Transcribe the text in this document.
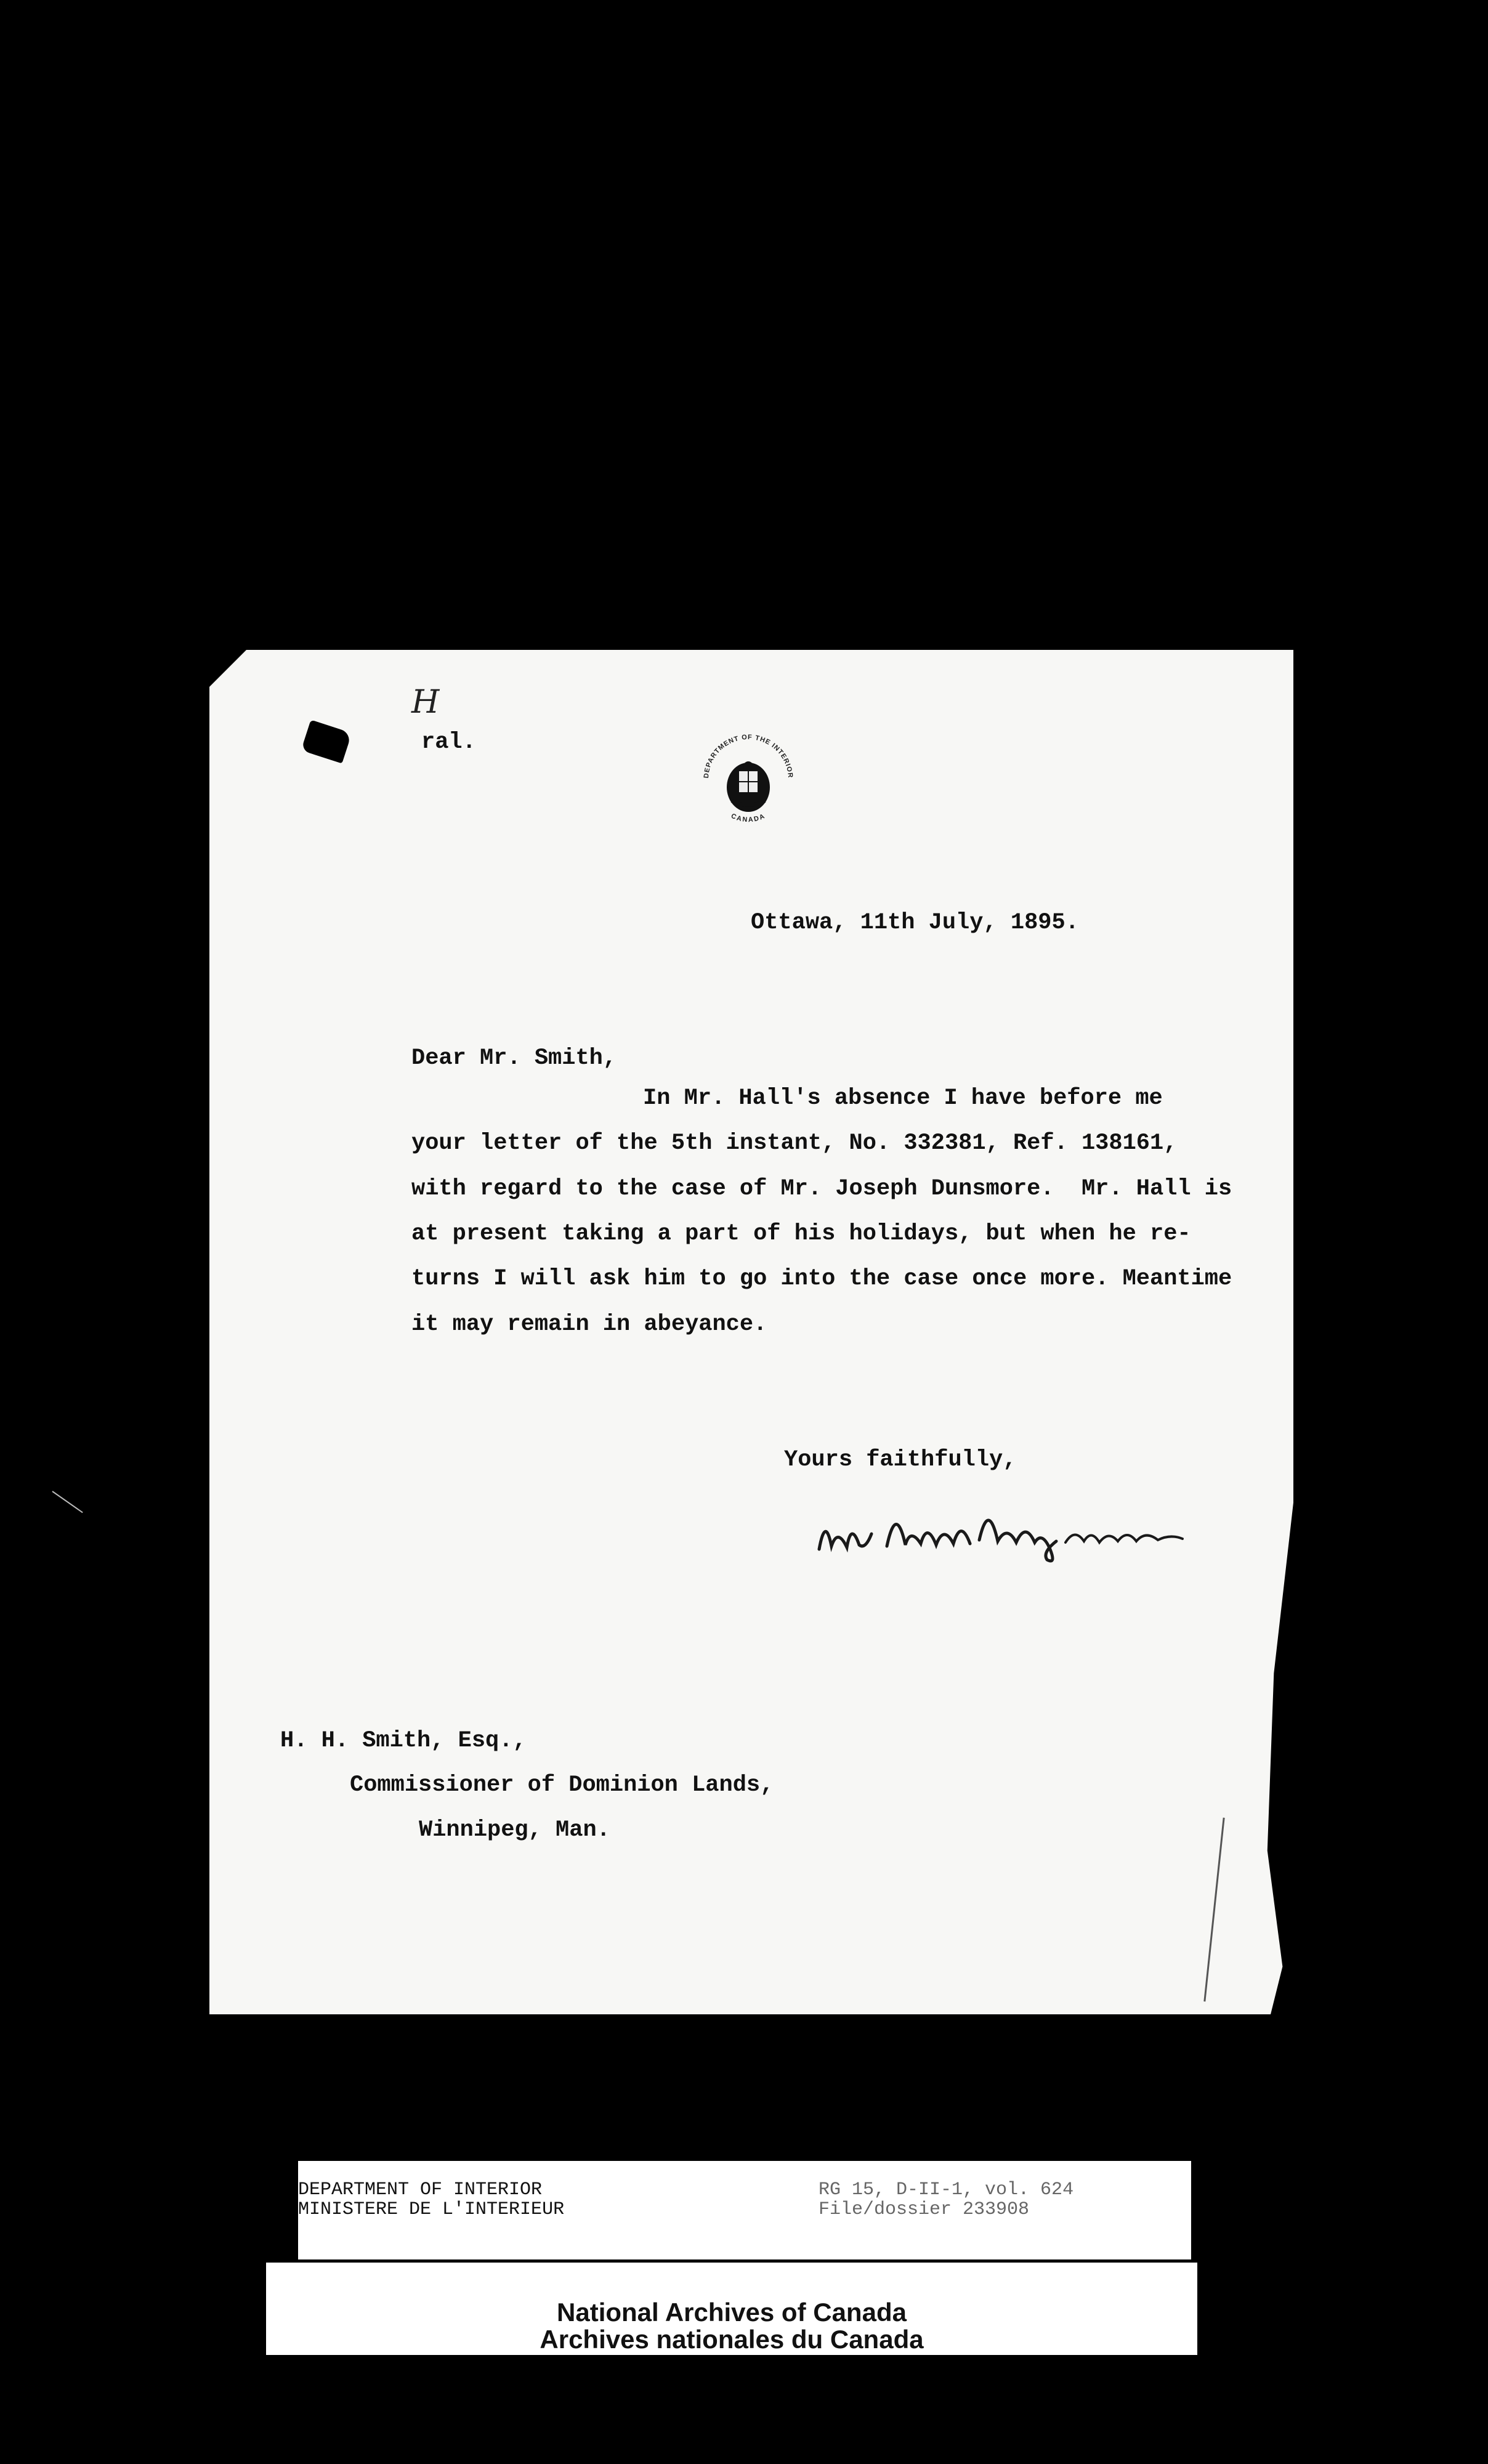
H
ral.
DEPARTMENT OF THE INTERIOR
CANADA
Ottawa, 11th July, 1895.
Dear Mr. Smith,
In Mr. Hall's absence I have before me
your letter of the 5th instant, No. 332381, Ref. 138161,
with regard to the case of Mr. Joseph Dunsmore.  Mr. Hall is
at present taking a part of his holidays, but when he re-
turns I will ask him to go into the case once more. Meantime
it may remain in abeyance.
Yours faithfully,
H. H. Smith, Esq.,
Commissioner of Dominion Lands,
Winnipeg, Man.
DEPARTMENT OF INTERIOR
MINISTERE DE L'INTERIEUR
RG 15, D-II-1, vol. 624
File/dossier 233908
National Archives of Canada
Archives nationales du Canada
